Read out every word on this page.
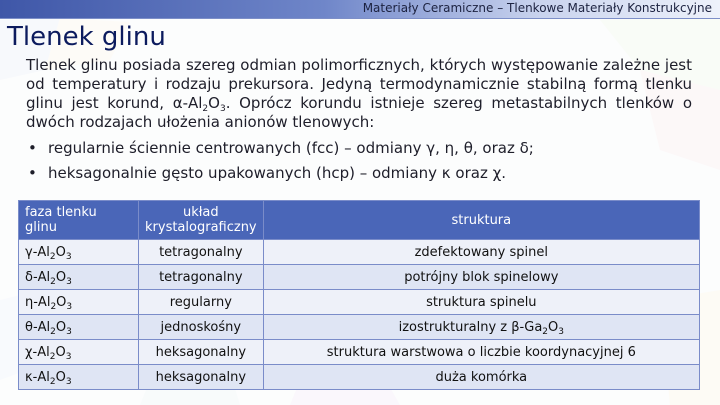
Materiały Ceramiczne – Tlenkowe Materiały Konstrukcyjne
Tlenek glinu
Tlenek glinu posiada szereg odmian polimorficznych, których występowanie zależne jest od temperatury i rodzaju prekursora. Jedyną termodynamicznie stabilną formą tlenku glinu jest korund, $\alpha-Al_2O_3$. Oprócz korundu istnieje szereg metastabilnych tlenków o dwóch rodzajach ułożenia anionów tlenowych:
• regularnie ściennie centrowanych (fcc) – odmiany γ, η, θ, oraz δ;
• heksagonalnie gęsto upakowanych (hcp) – odmiany κ oraz χ.
faza tlenku glinu	układ krystalograficzny	struktura
$\gamma-Al_2O_3$	tetragonalny	zdefektowany spinel
$\delta-Al_2O_3$	tetragonalny	potrójny blok spinelowy
$\eta-Al_2O_3$	regularny	struktura spinelu
$\theta-Al_2O_3$	jednoskośny	izostrukturalny z $\beta-Ga_2O_3$
$\chi-Al_2O_3$	heksagonalny	struktura warstwowa o liczbie koordynacyjnej 6
$\kappa-Al_2O_3$	heksagonalny	duża komórka
